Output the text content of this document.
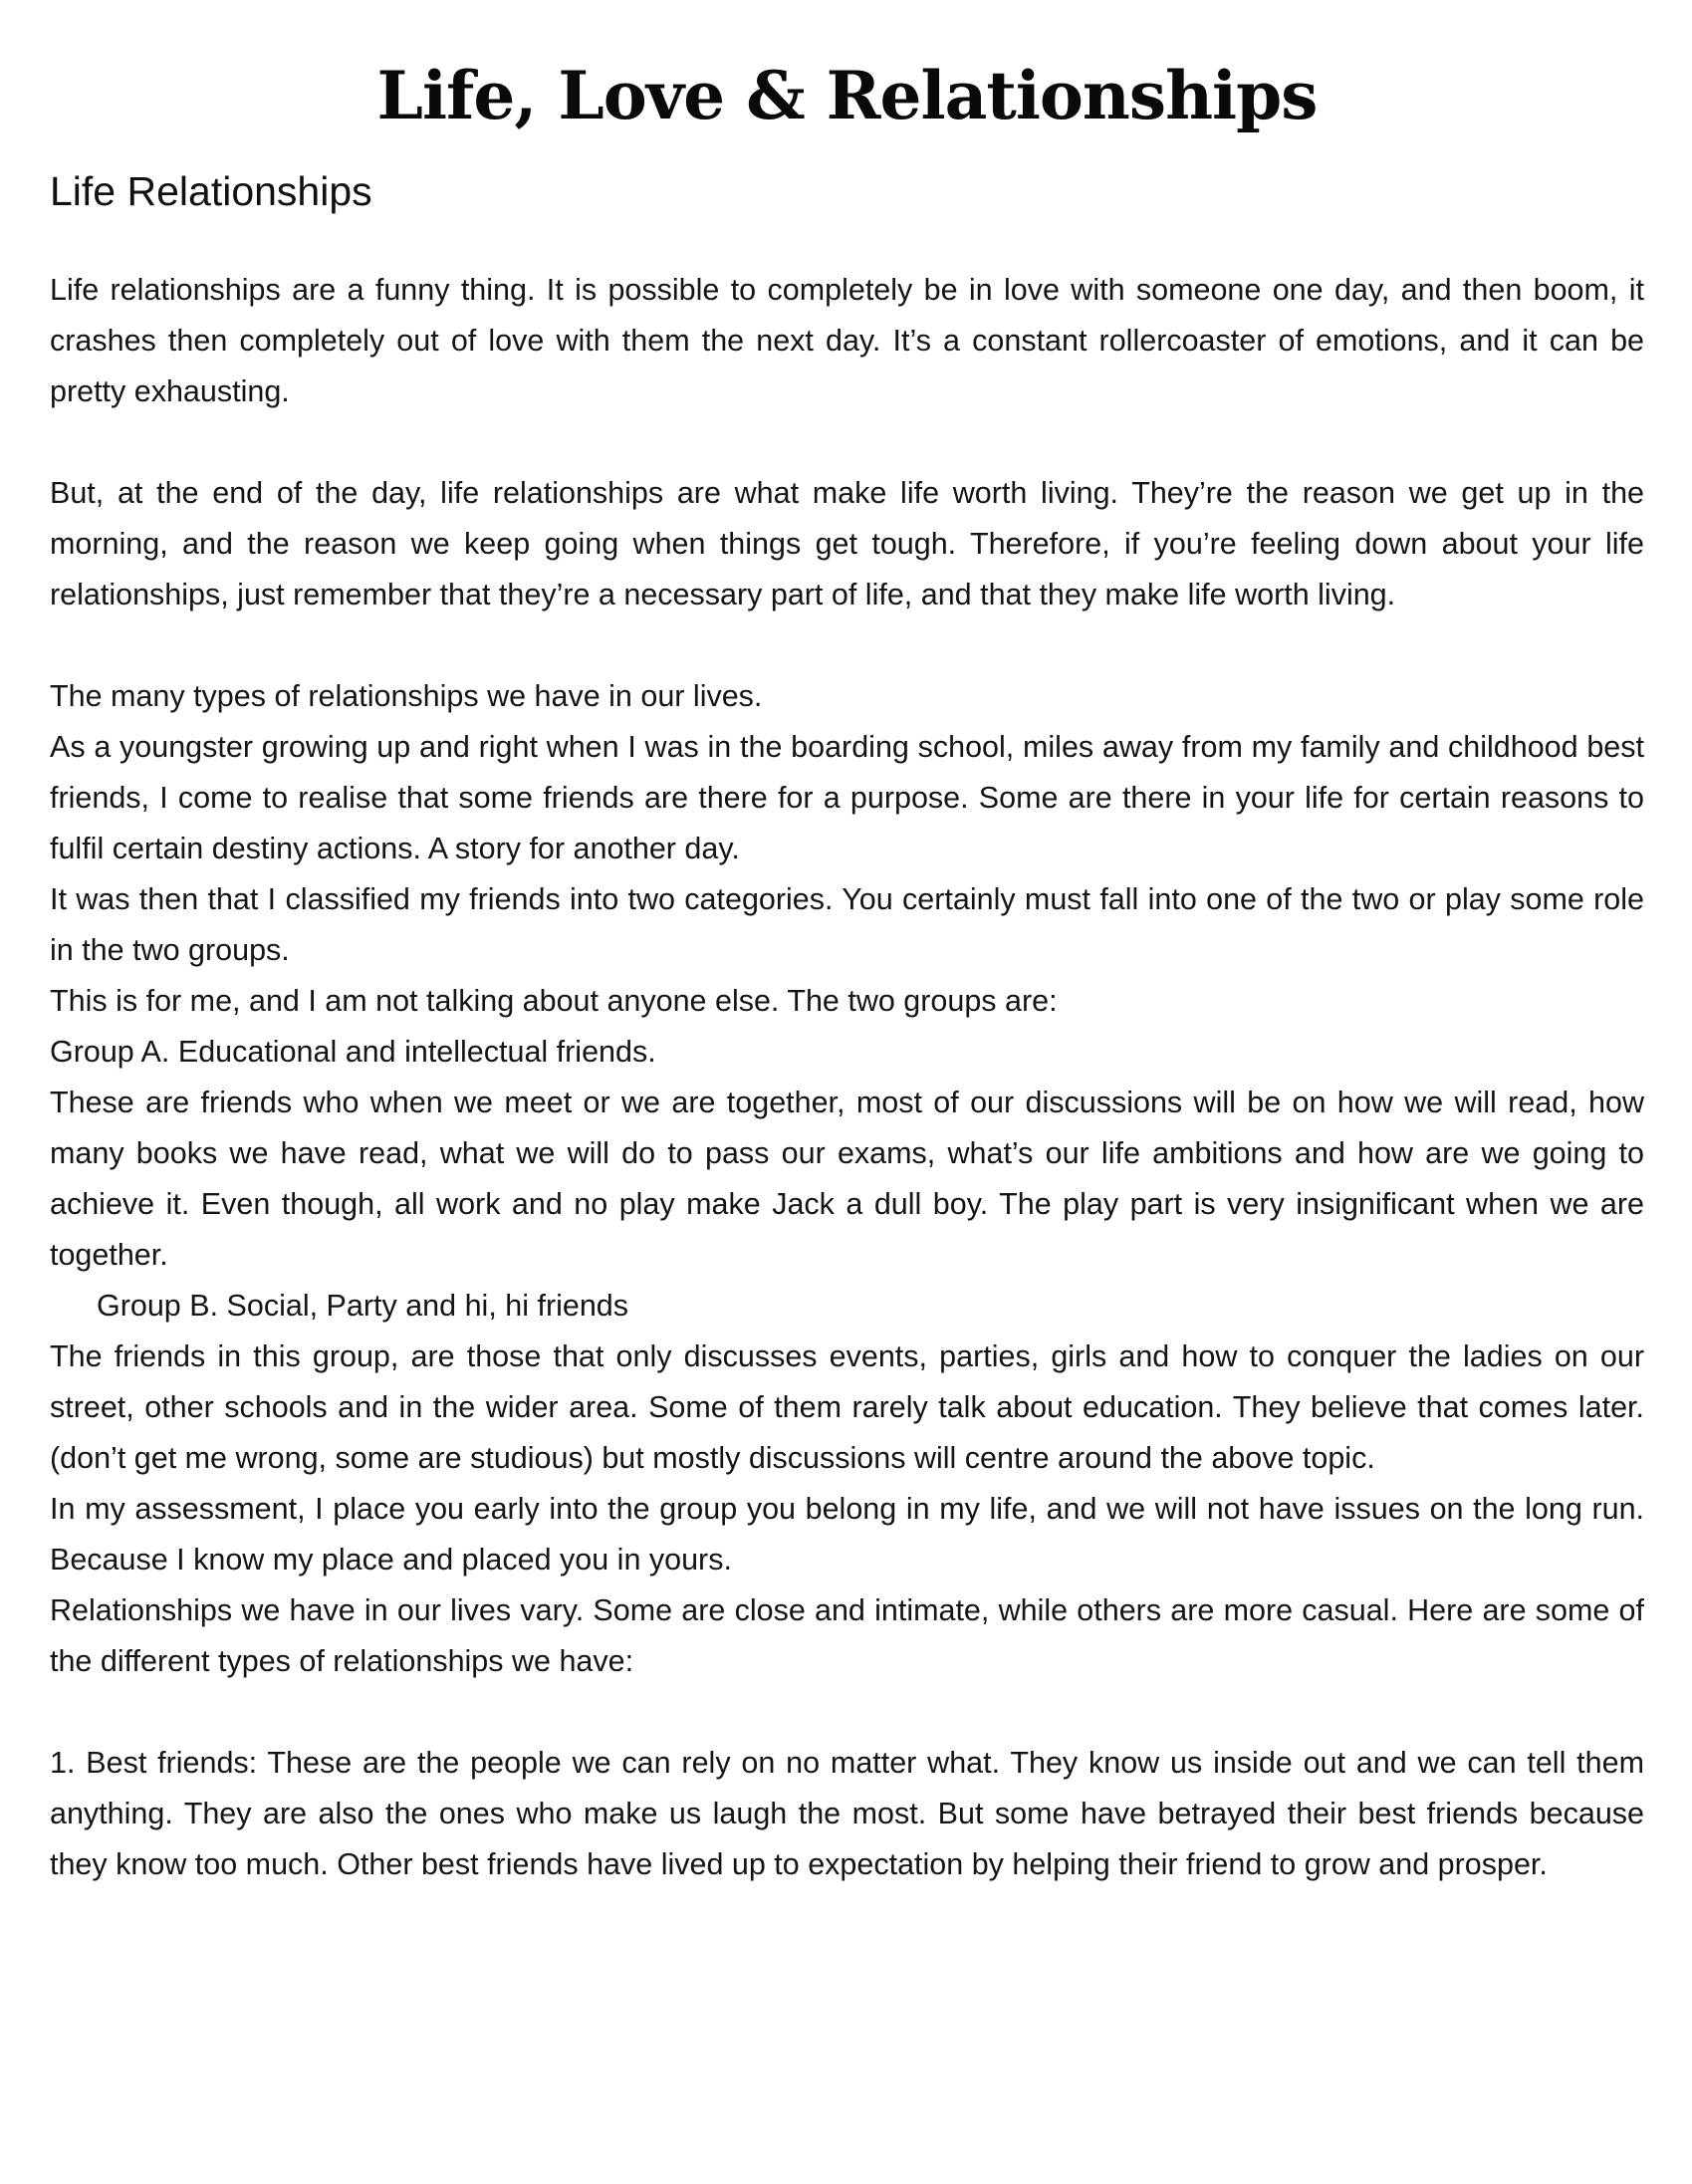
Life, Love & Relationships
Life Relationships

Life relationships are a funny thing. It is possible to completely be in love with someone one day, and then boom, it crashes then completely out of love with them the next day. It’s a constant rollercoaster of emotions, and it can be pretty exhausting.

But, at the end of the day, life relationships are what make life worth living. They’re the reason we get up in the morning, and the reason we keep going when things get tough. Therefore, if you’re feeling down about your life relationships, just remember that they’re a necessary part of life, and that they make life worth living.

The many types of relationships we have in our lives.

As a youngster growing up and right when I was in the boarding school, miles away from my family and childhood best friends, I come to realise that some friends are there for a purpose. Some are there in your life for certain reasons to fulfil certain destiny actions. A story for another day.

It was then that I classified my friends into two categories. You certainly must fall into one of the two or play some role in the two groups.

This is for me, and I am not talking about anyone else. The two groups are:

Group A. Educational and intellectual friends.

These are friends who when we meet or we are together, most of our discussions will be on how we will read, how many books we have read, what we will do to pass our exams, what’s our life ambitions and how are we going to achieve it. Even though, all work and no play make Jack a dull boy. The play part is very insignificant when we are together.

Group B. Social, Party and hi, hi friends

The friends in this group, are those that only discusses events, parties, girls and how to conquer the ladies on our street, other schools and in the wider area. Some of them rarely talk about education. They believe that comes later. (don’t get me wrong, some are studious) but mostly discussions will centre around the above topic.

In my assessment, I place you early into the group you belong in my life, and we will not have issues on the long run. Because I know my place and placed you in yours.

Relationships we have in our lives vary. Some are close and intimate, while others are more casual. Here are some of the different types of relationships we have:

1. Best friends: These are the people we can rely on no matter what. They know us inside out and we can tell them anything. They are also the ones who make us laugh the most. But some have betrayed their best friends because they know too much. Other best friends have lived up to expectation by helping their friend to grow and prosper.
